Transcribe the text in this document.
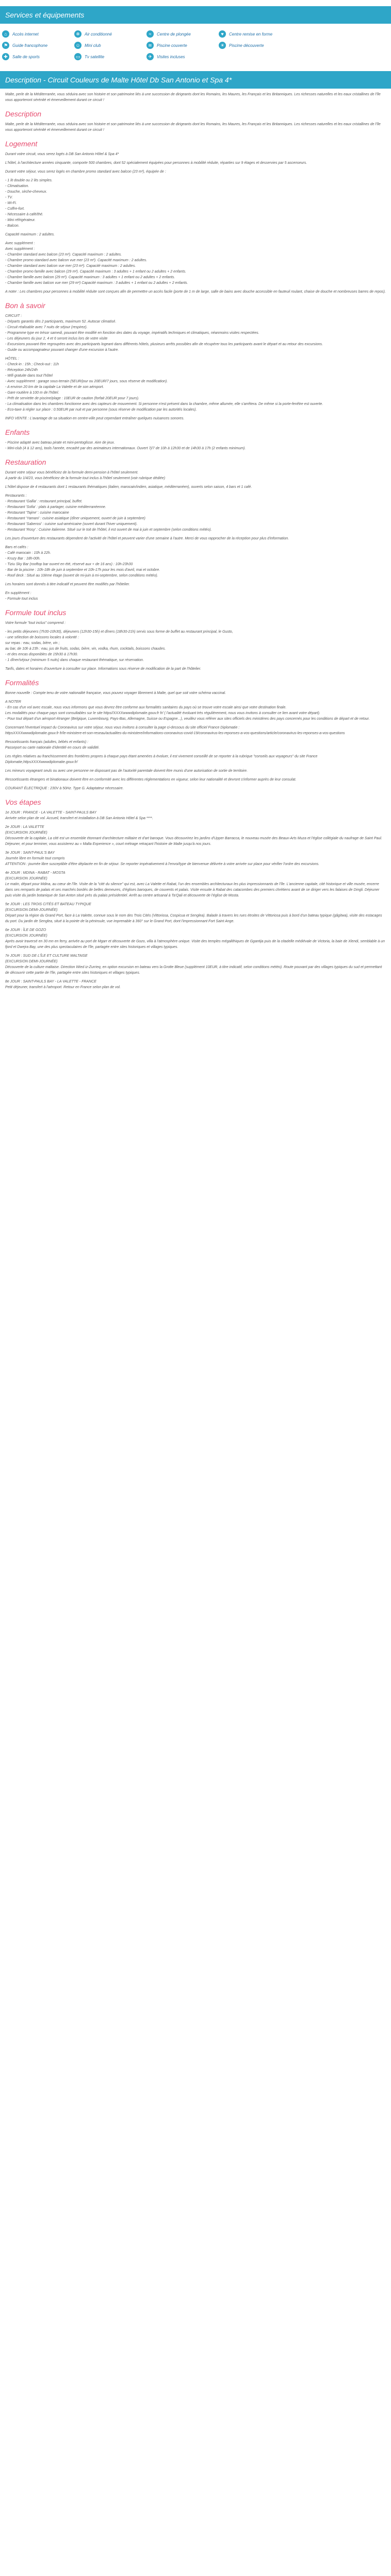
Services et équipements
⌂	Accès internet	❄	Air conditionné	≈	Centre de plongée	♥	Centre remise en forme
⚑	Guide francophone	☺	Mini club	≋	Piscine couverte	☀	Piscine découverte
✚	Salle de sports	▭	Tv satellite	✈	Visites incluses
Description - Circuit Couleurs de Malte Hôtel Db San Antonio et Spa 4*
Malte, perle de la Méditerranée, vous séduira avec son histoire et son patrimoine liés à une succession de dirigeants dont les Romains, les Maures, les Français et les Britanniques. Les richesses naturelles et les eaux cristallines de l'île vous apporteront sérénité et émerveillement durant ce circuit !
Description
Malte, perle de la Méditerranée, vous séduira avec son histoire et son patrimoine liés à une succession de dirigeants dont les Romains, les Maures, les Français et les Britanniques. Les richesses naturelles et les eaux cristallines de l'île vous apporteront sérénité et émerveillement durant ce circuit !
Logement
Durant votre circuit, vous serez logés à DB San Antonio Hôtel & Spa 4*
L'hôtel, à l'architecture années cinquante, comporte 500 chambres, dont 52 spécialement équipées pour personnes à mobilité réduite, réparties sur 9 étages et desservies par 5 ascenseurs.
Durant votre séjour, vous serez logés en chambre promo standard avec balcon (23 m²), équipée de :
- 1 lit double ou 2 lits simples.
- Climatisation.
- Douche, sèche-cheveux.
- TV.
- Wi-Fi.
- Coffre-fort.
- Nécessaire à café/thé.
- Mini réfrigérateur.
- Balcon.
Capacité maximum : 2 adultes.
Avec supplément :
Avec supplément :
- Chambre standard avec balcon (23 m²). Capacité maximum : 2 adultes.
- Chambre promo standard avec balcon vue mer (23 m²). Capacité maximum : 2 adultes.
- Chambre standard avec balcon vue mer (23 m²). Capacité maximum : 2 adultes.
- Chambre promo famille avec balcon (29 m²). Capacité maximum : 3 adultes + 1 enfant ou 2 adultes + 2 enfants.
- Chambre famille avec balcon (29 m²). Capacité maximum : 3 adultes + 1 enfant ou 2 adultes + 2 enfants.
- Chambre famille avec balcon vue mer (29 m²) Capacité maximum : 3 adultes + 1 enfant ou 2 adultes + 2 enfants.
A noter : Les chambres pour personnes à mobilité réduite sont conçues afin de permettre un accès facile (porte de 1 m de large, salle de bains avec douche accessible en fauteuil roulant, chaise de douche et nombreuses barres de repos).
Bon à savoir
CIRCUIT :
- Départs garantis dès 2 participants, maximum 52. Autocar climatisé.
- Circuit réalisable avec 7 nuits de séjour (respirez).
- Programme type en trésor samedi, pouvant être modifié en fonction des dates du voyage, impératifs techniques et climatiques, néanmoins visites respectées.
- Les déjeuners du jour 2, 4 et 6 seront inclus lors de votre visite
- Excursions pouvant être regroupées avec des participants logeant dans différents hôtels, plusieurs arrêts possibles afin de récupérer tous les participants avant le départ et au retour des excursions.
- Guide ou accompagnateur pouvant changer d'une excursion à l'autre.
HÔTEL :
- Check-in : 15h ; Check-out : 11h
- Réception 24h/24h
- Wifi gratuite dans tout l'hôtel
- Avec supplément : garage sous-terrain (5EUR/jour ou 20EUR/7 jours, sous réserve de modification).
- A environ 20 km de la capitale La Valette et de son aéroport.
- Gare routière à 100 m de l'hôtel.
- Prêt de serviette de piscine/plage : 10EUR de caution (forfait 20EUR pour 7 jours).
- La climatisation dans les chambres fonctionne avec des capteurs de mouvement. Si personne n'est présent dans la chambre, même allumée, elle s'arrêtera. De même si la porte-fenêtre est ouverte.
- Eco-taxe à régler sur place : 0.50EUR par nuit et par personne (sous réserve de modification par les autorités locales).
INFO VENTE : L'avantage de sa situation en centre-ville peut cependant entraîner quelques nuisances sonores.
Enfants
- Piscine adapté avec bateau pirate et mini-pentoglisse. Aire de jeux.
- Mini-club (4 à 12 ans), tools l'année, encadré par des animateurs internationaux. Ouvert 7j/7 de 10h à 12h30 et de 14h30 à 17h (2 enfants minimum).
Restauration
Durant votre séjour vous bénéficiez de la formule demi-pension à l'hôtel seulement.
A partir du 1/4/23, vous bénéficiez de la formule tout inclus à l'hôtel seulement (voir rubrique dédiée)
L'hôtel dispose de 4 restaurants dont 1 restaurants thématiques (italien, marocain/indien, asiatique, méditerranéen), ouverts selon saison, 4 bars et 1 café.
Restaurants :
- Restaurant 'Gallia' : restaurant principal, buffet.
- Restaurant 'Sofia' : plats à partager, cuisine méditerranéenne.
- Restaurant 'Tajine' : cuisine marocaine
- Restaurant 'Yamani' : cuisine asiatique (dîner uniquement, ouvert de juin à septembre)
- Restaurant 'Saberosi' : cuisine sud-américaine (ouvert durant l'hiver uniquement).
- Restaurant 'Rosy' : Cuisine italienne. Situé sur le toit de l'hôtel, il est ouvert de mai à juin et septembre (selon conditions météo).
Les jours d'ouverture des restaurants dépendent de l'activité de l'hôtel et peuvent varier d'une semaine à l'autre. Merci de vous rapprocher de la réception pour plus d'information.
Bars et cafés :
- Café marocain : 10h à 22h.
- Kruzy Bar : 18h-00h.
- Tiziu Sky Bar (rooftop bar ouvert en été, réservé aux + de 16 ans) : 10h-23h30
- Bar de la piscine : 10h-18h de juin à septembre et 10h-17h pour les mois d'avril, mai et octobre.
- Roof deck : Situé au 10ème étage (ouvert de mi-juin à mi-septembre, selon conditions météo).
Les horaires sont donnés à titre indicatif et peuvent être modifiés par l'hôtelier.
En supplément :
- Formule tout inclus
Formule tout inclus
Votre formule "tout inclus" comprend :
- les petits déjeuners (7h30-10h30), déjeuners (12h30-15h) et dîners (18h30-21h) servis sous forme de buffet au restaurant principal, le Gusto,
- une sélection de boissons locales à volonté :
sur repas : eau, sodas, bière, vin ;
au bar, de 10h à 23h : eau, jus de fruits, sodas, bière, vin, vodka, rhum, cocktails, boissons chaudes.
- et des encas disponibles de 15h30 à 17h30.
- 1 dîner/séjour (minimum 5 nuits) dans chaque restaurant thématique, sur réservation.
Tarifs, dates et horaires d'ouverture à consulter sur place. Informations sous réserve de modification de la part de l'hôtelier.
Formalités
Bonne nouvelle : Compte tenu de votre nationalité française, vous pouvez voyager librement à Malte, quel que soit votre schéma vaccinal.
A NOTER
- En cas d'un vol avec escale, nous vous informons que vous devrez être conforme aux formalités sanitaires du pays où se trouve votre escale ainsi que votre destination finale.
Les modalités pour chaque pays sont consultables sur le site https//XXXXwwwdiplomatie.gouv.fr fr/ ( l'actualité évoluant très régulièrement, nous vous invitons à consulter ce lien avant votre départ).
- Pour tout départ d'un aéroport étranger (Belgique, Luxembourg, Pays-Bas, Allemagne, Suisse ou Espagne...), veuillez vous référer aux sites officiels des ministères des pays concernés pour les conditions de départ et de retour.
Concernant l'éventuel impact du Coronavirus sur votre séjour, nous vous invitons à consulter la page ci-dessous du site officiel France Diplomatie :
httpsXXXXwwwdiplomatie.gouv.fr fr/le-ministere-et-son-reseau/actualites-du-ministere/informations-coronavirus-covid-19/coronavirus-les-reponses-a-vos-questions/article/coronavirus-les-reponses-a-vos-questions
Ressortissants français (adultes, bébés et enfants) :
Passeport ou carte nationale d'identité en cours de validité.
Les règles relatives au franchissement des frontières propres à chaque pays étant amenées à évoluer, il est vivement conseillé de se reporter à la rubrique "conseils aux voyageurs" du site France Diplomatie,httpsXXXXwwwdiplomatie.gouv.fr/
Les mineurs voyageant seuls ou avec une personne ne disposant pas de l'autorité parentale doivent être munis d'une autorisation de sortie de territoire.
Ressortissants étrangers et binationaux doivent être en conformité avec les différentes réglementations en vigueur, selon leur nationalité et devront s'informer auprès de leur consulat.
COURANT ÉLECTRIQUE : 230V à 50Hz. Type G. Adaptateur nécessaire.
Vos étapes
1e JOUR : FRANCE - LA VALETTE - SAINT-PAULS BAY
Arrivée selon plan de vol. Accueil, transfert et installation à DB San Antonio Hôtel & Spa ****.
2e JOUR : LA VALETTE
(EXCURSION JOURNÉE)
Découverte de la capitale, La cité est un ensemble étonnant d'architecture militaire et d'art baroque. Vous découvrirez les jardins d'Upper Barracca, le nouveau musée des Beaux-Arts Muza et l'église collégiale du naufrage de Saint Paul. Déjeuner, et pour terminer, vous assisterez au « Malta Experience », court métrage retraçant l'histoire de Malte jusqu'à nos jours.
3e JOUR : SAINT-PAUL'S BAY
Journée libre en formule tout compris
ATTENTION : journée libre susceptible d'être déplacée en fin de séjour. Se reporter impérativement à l'envoi/type de bienvenue délivrée à votre arrivée sur place pour vérifier l'ordre des excursions.
4e JOUR : MDINA - RABAT - MOSTA
(EXCURSION JOURNÉE)
Le matin, départ pour Mdina, au cœur de l'île. Visite de la "cité du silence" qui est, avec La Valette et Rabat, l'un des ensembles architecturaux les plus impressionnants de l'île. L'ancienne capitale, cité historique et ville musée, encerre dans ses remparts de palais et ses marchés bordés de belles demeures, d'églises baroques, de couvents et palais. Visite ensuite à Rabat des catacombes des premiers chrétiens avant de se diriger vers les falaises de Dingli. Déjeuner puis visite du jardin botanique de San Anton situé près du palais présidentiel. Arrêt au centre artisanal à Ta'Qali et découverte de l'église de Mosta.
5e JOUR : LES TROIS CITÉS ET BATEAU TYPIQUE
(EXCURSION DEMI-JOURNÉE)
Départ pour la région du Grand Port, face à La Valette, connue sous le nom des Trois Cités (Vittoriosa, Cospicua et Senglea). Balade à travers les rues étroites de Vittoriosa puis à bord d'un bateau typique (gâgitwa), visite des estacages du port. Du jardin de Senglea, situé à la pointe de la péninsule, vue imprenable à 360° sur le Grand Port, dont l'impressionnant Fort Saint Ange.
6e JOUR : ÎLE DE GOZO
(EXCURSION JOURNÉE)
Après avoir traversé en 30 mn en ferry, arrivée au port de Mgarr et découverte de Gozo, villa à l'atmosphère unique. Visite des temples mégalithiques de Ggantija puis de la citadelle médiévale de Victoria, la baie de Xlendi, semblable à un fjord et Dwejra Bay, une des plus spectaculaires de l'île, partagée entre sites historiques et villages typiques.
7e JOUR : SUD DE L'ÎLE ET CULTURE MALTAISE
(EXCURSION DEMI-JOURNÉE)
Découverte de la culture maltaise. Direction Wied iz-Zurrieq, en option excursion en bateau vers la Grotte Bleue (supplément 10EUR, à titre indicatif, selon conditions météo). Route pouvant par des villages typiques du sud et permettant de découvrir cette partie de l'île, partagée entre sites historiques et villages typiques.
8e JOUR : SAINT-PAULS BAY - LA VALETTE - FRANCE
Petit déjeuner, transfert à l'aéroport. Retour en France selon plan de vol.
